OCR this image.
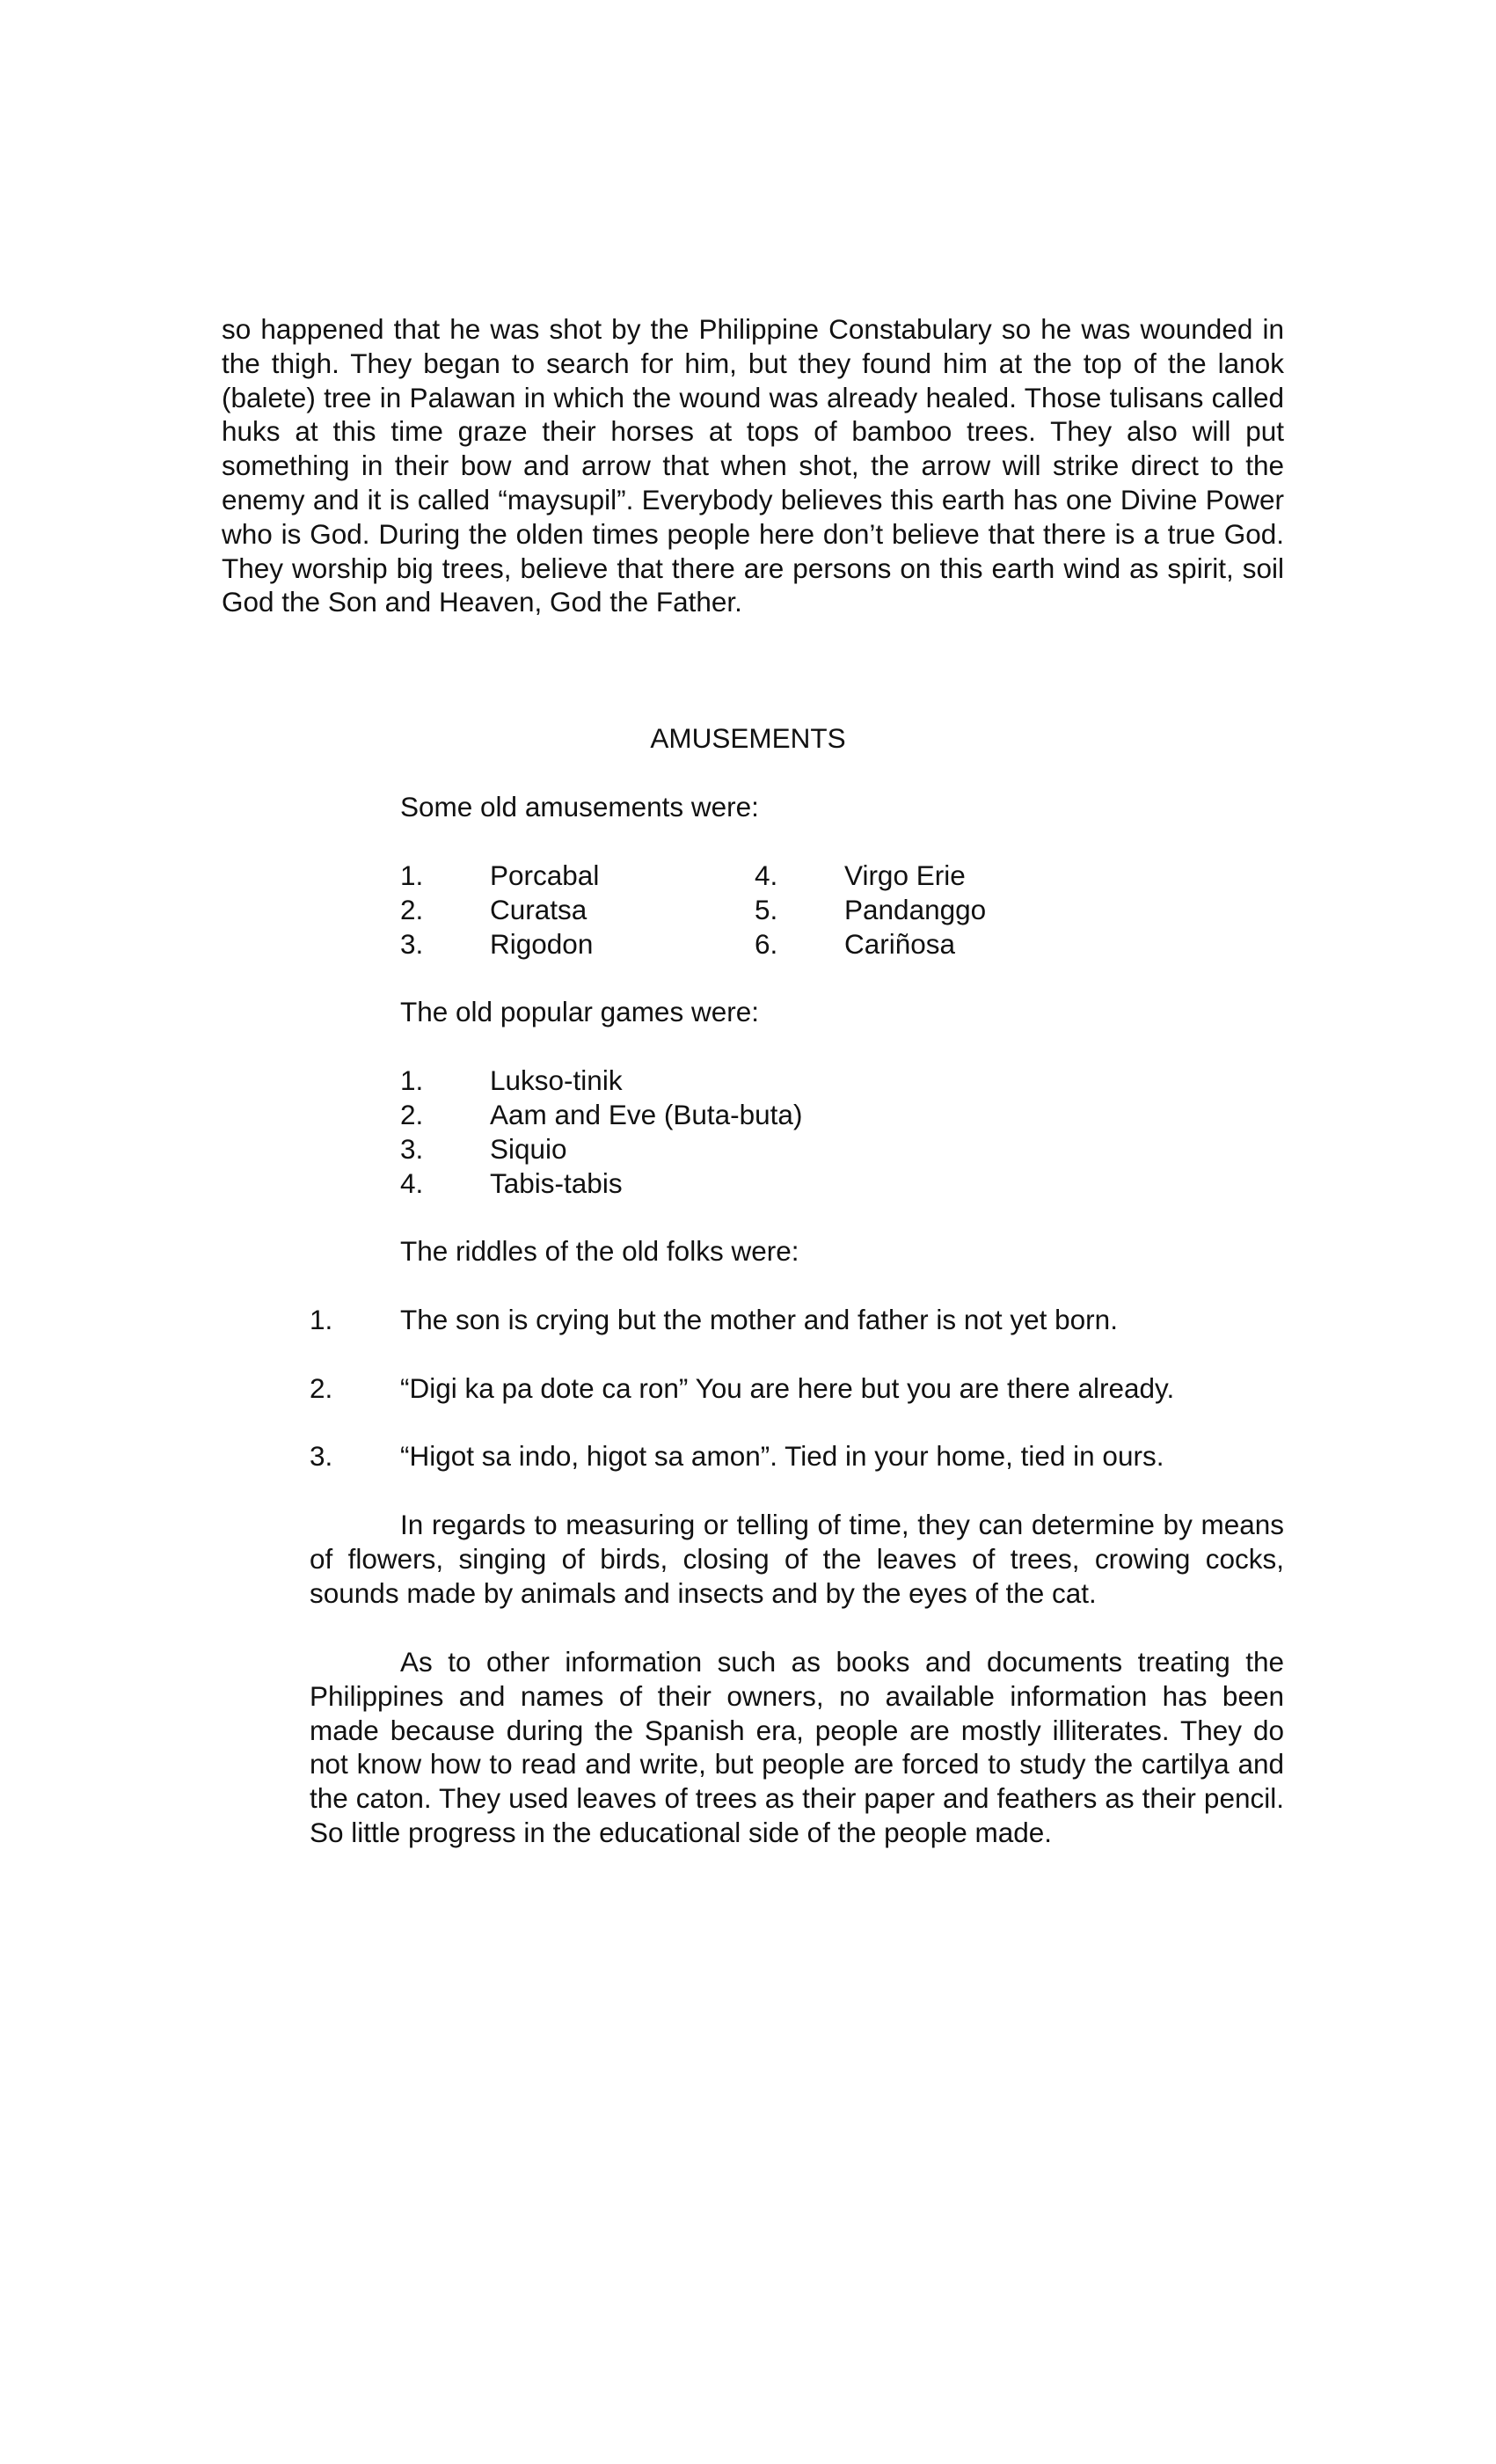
so happened that he was shot by the Philippine Constabulary so he was wounded in the thigh. They began to search for him, but they found him at the top of the lanok (balete) tree in Palawan in which the wound was already healed. Those tulisans called huks at this time graze their horses at tops of bamboo trees. They also will put something in their bow and arrow that when shot, the arrow will strike direct to the enemy and it is called “maysupil”. Everybody believes this earth has one Divine Power who is God. During the olden times people here don’t believe that there is a true God. They worship big trees, believe that there are persons on this earth wind as spirit, soil God the Son and Heaven, God the Father.

AMUSEMENTS

Some old amusements were:

1. Porcabal	4. Virgo Erie
2. Curatsa	5. Pandanggo
3. Rigodon	6. Cariñosa

The old popular games were:

1. Lukso-tinik
2. Aam and Eve (Buta-buta)
3. Siquio
4. Tabis-tabis

The riddles of the old folks were:

1. The son is crying but the mother and father is not yet born.
2. “Digi ka pa dote ca ron” You are here but you are there already.
3. “Higot sa indo, higot sa amon”. Tied in your home, tied in ours.

In regards to measuring or telling of time, they can determine by means of flowers, singing of birds, closing of the leaves of trees, crowing cocks, sounds made by animals and insects and by the eyes of the cat.

As to other information such as books and documents treating the Philippines and names of their owners, no available information has been made because during the Spanish era, people are mostly illiterates. They do not know how to read and write, but people are forced to study the cartilya and the caton. They used leaves of trees as their paper and feathers as their pencil. So little progress in the educational side of the people made.
